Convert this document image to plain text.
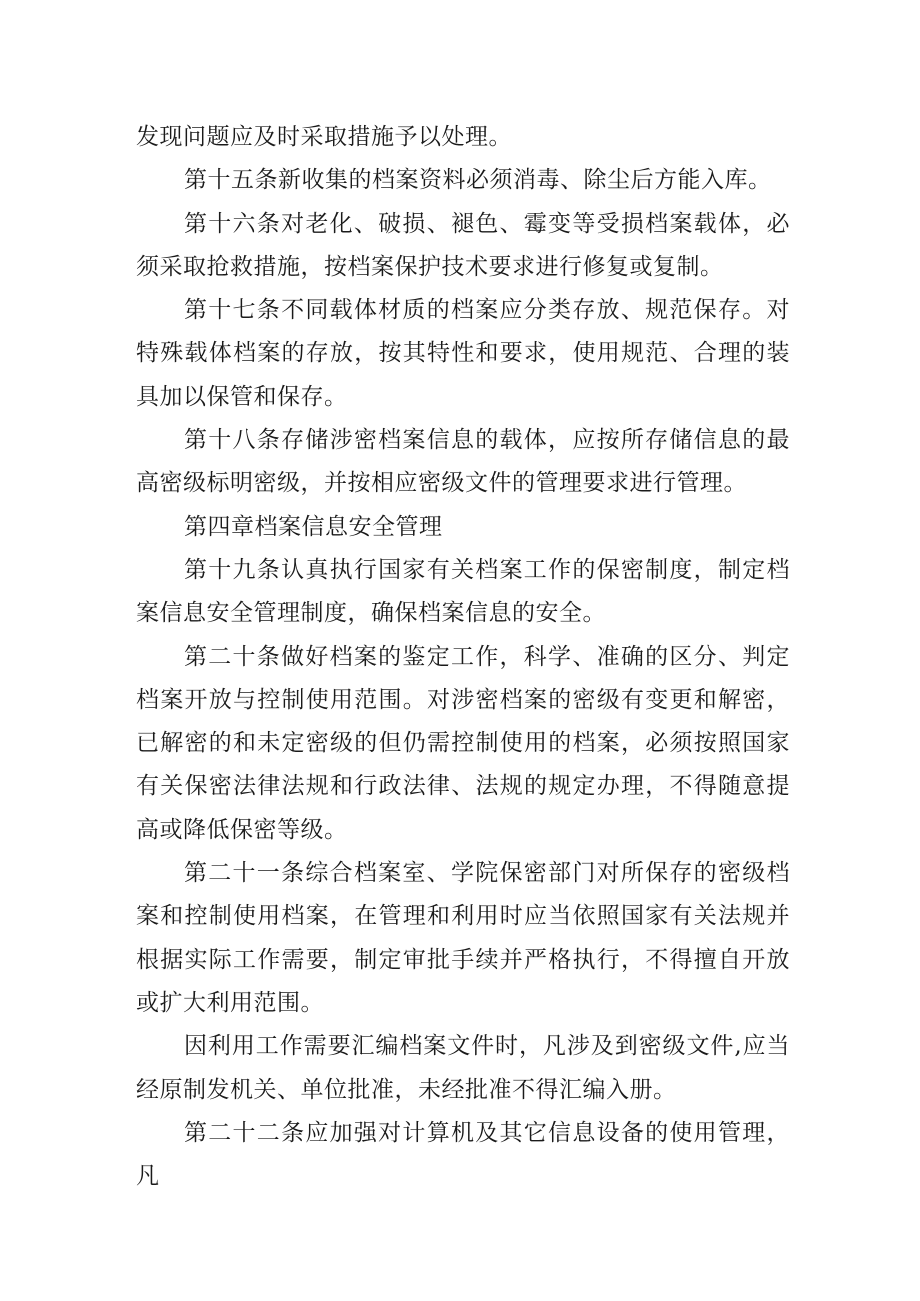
发现问题应及时采取措施予以处理。

第十五条新收集的档案资料必须消毒、除尘后方能入库。

第十六条对老化、破损、褪色、霉变等受损档案载体，必须采取抢救措施，按档案保护技术要求进行修复或复制。

第十七条不同载体材质的档案应分类存放、规范保存。对特殊载体档案的存放，按其特性和要求，使用规范、合理的装具加以保管和保存。

第十八条存储涉密档案信息的载体，应按所存储信息的最高密级标明密级，并按相应密级文件的管理要求进行管理。

第四章档案信息安全管理

第十九条认真执行国家有关档案工作的保密制度，制定档案信息安全管理制度，确保档案信息的安全。

第二十条做好档案的鉴定工作，科学、准确的区分、判定档案开放与控制使用范围。对涉密档案的密级有变更和解密，已解密的和未定密级的但仍需控制使用的档案，必须按照国家有关保密法律法规和行政法律、法规的规定办理，不得随意提高或降低保密等级。

第二十一条综合档案室、学院保密部门对所保存的密级档案和控制使用档案，在管理和利用时应当依照国家有关法规并根据实际工作需要，制定审批手续并严格执行，不得擅自开放或扩大利用范围。

因利用工作需要汇编档案文件时，凡涉及到密级文件,应当经原制发机关、单位批准，未经批准不得汇编入册。

第二十二条应加强对计算机及其它信息设备的使用管理，凡
